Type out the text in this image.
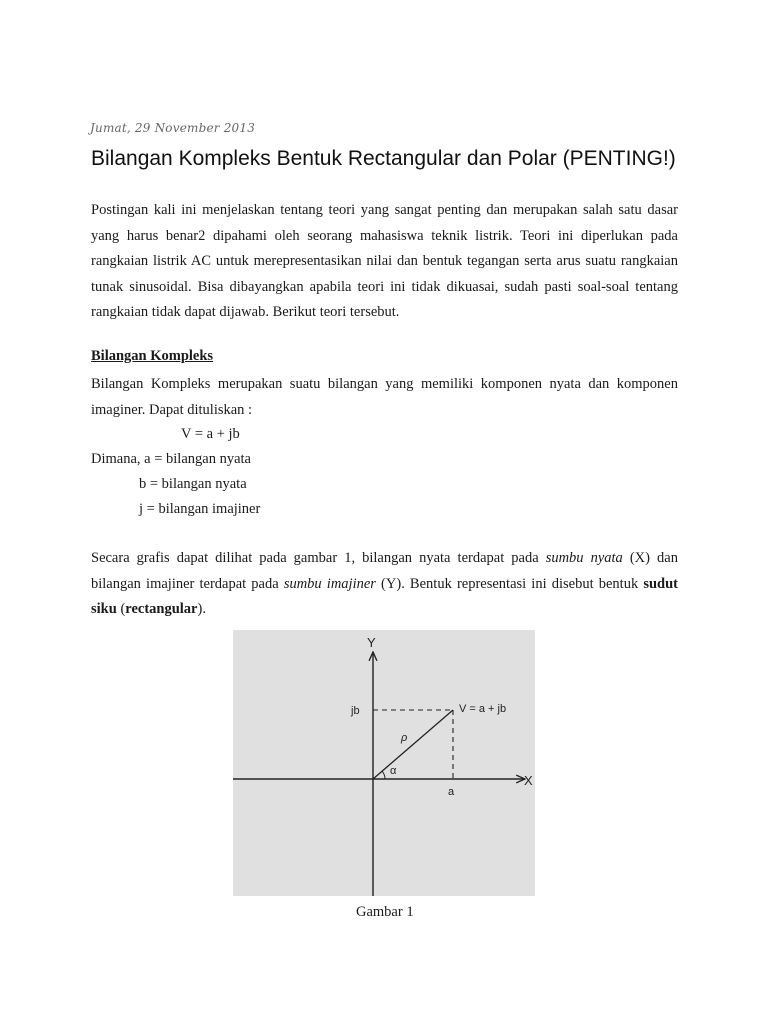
Jumat, 29 November 2013
Bilangan Kompleks Bentuk Rectangular dan Polar (PENTING!)

Postingan kali ini menjelaskan tentang teori yang sangat penting dan merupakan salah satu dasar yang harus benar2 dipahami oleh seorang mahasiswa teknik listrik. Teori ini diperlukan pada rangkaian listrik AC untuk merepresentasikan nilai dan bentuk tegangan serta arus suatu rangkaian tunak sinusoidal. Bisa dibayangkan apabila teori ini tidak dikuasai, sudah pasti soal-soal tentang rangkaian tidak dapat dijawab. Berikut teori tersebut.

Bilangan Kompleks

Bilangan Kompleks merupakan suatu bilangan yang memiliki komponen nyata dan komponen imaginer. Dapat dituliskan :

V = a + jb
Dimana, a = bilangan nyata
b = bilangan nyata
j = bilangan imajiner

Secara grafis dapat dilihat pada gambar 1, bilangan nyata terdapat pada sumbu nyata (X) dan bilangan imajiner terdapat pada sumbu imajiner (Y). Bentuk representasi ini disebut bentuk sudut siku (rectangular).

Y
X
jb
a
V = a + jb
ρ
α
Gambar 1
